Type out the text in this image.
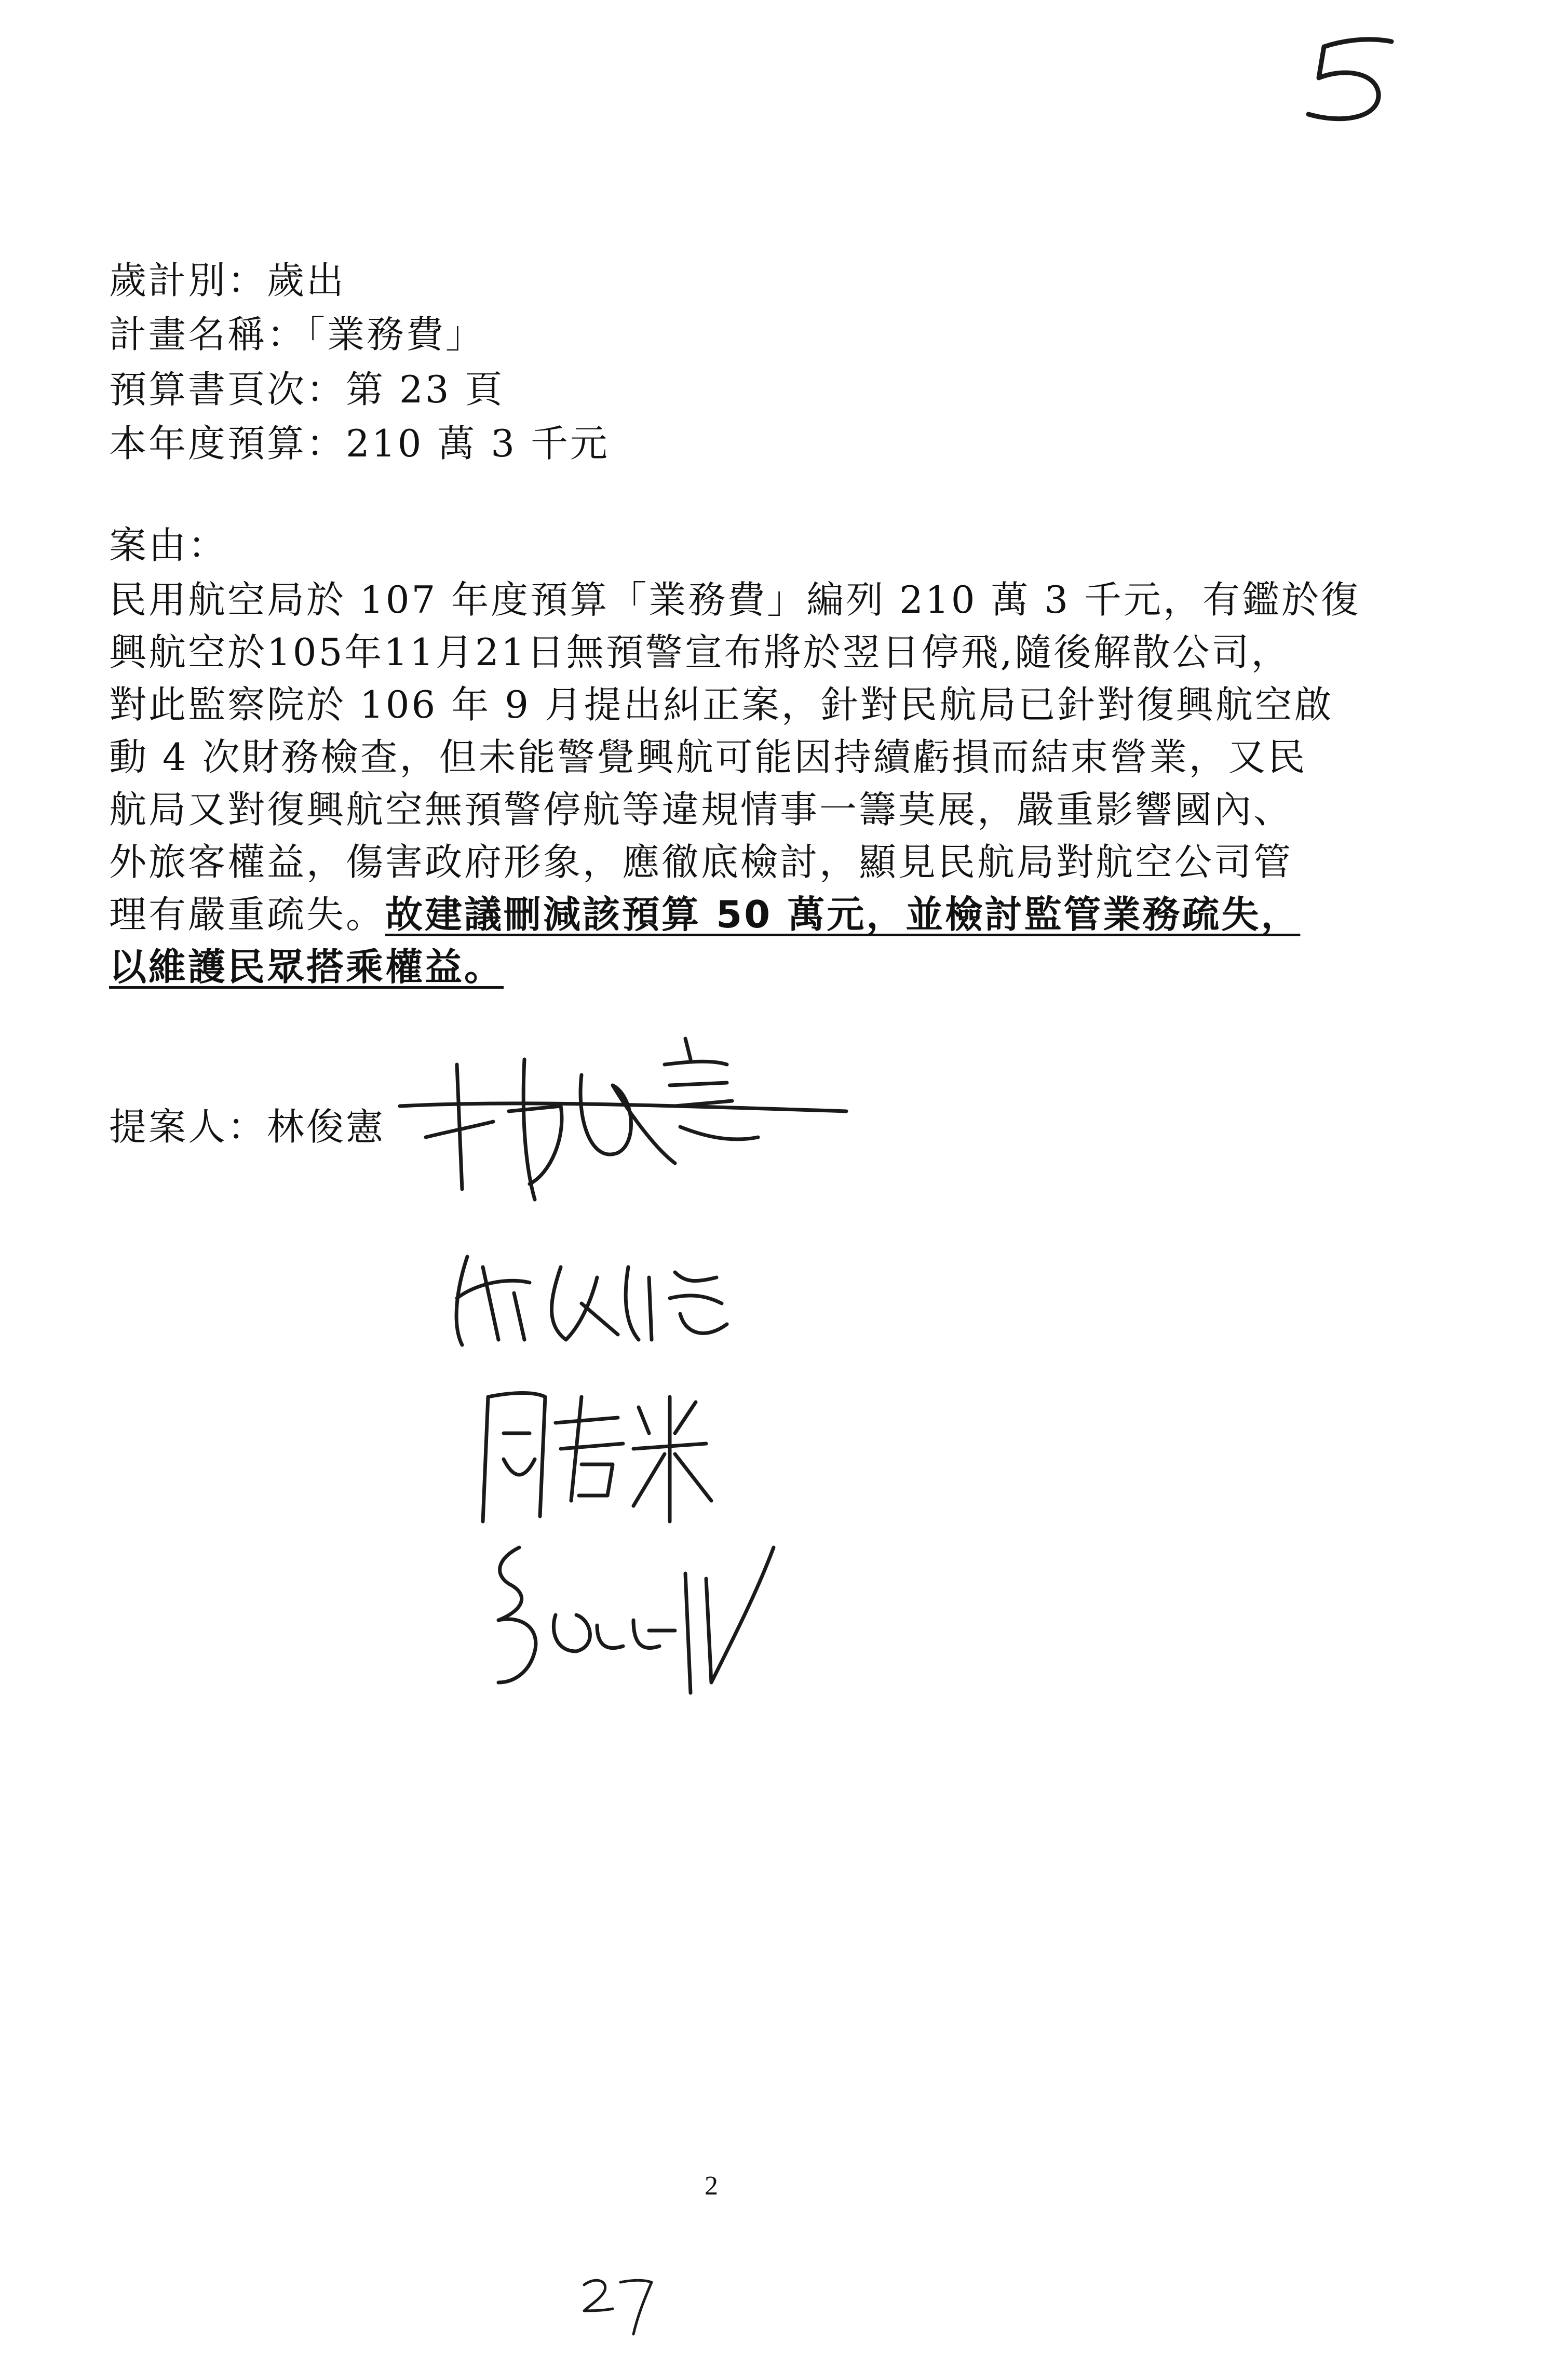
歲計別：歲出
計畫名稱：「業務費」
預算書頁次：第 23 頁
本年度預算：210 萬 3 千元
案由：
民用航空局於 107 年度預算「業務費」編列 210 萬 3 千元，有鑑於復
興航空於105年11月21日無預警宣布將於翌日停飛,隨後解散公司，
對此監察院於 106 年 9 月提出糾正案，針對民航局已針對復興航空啟
動 4 次財務檢查，但未能警覺興航可能因持續虧損而結束營業，又民
航局又對復興航空無預警停航等違規情事一籌莫展，嚴重影響國內、
外旅客權益，傷害政府形象，應徹底檢討，顯見民航局對航空公司管
理有嚴重疏失。故建議刪減該預算 50 萬元，並檢討監管業務疏失，
以維護民眾搭乘權益。
提案人：林俊憲
2
